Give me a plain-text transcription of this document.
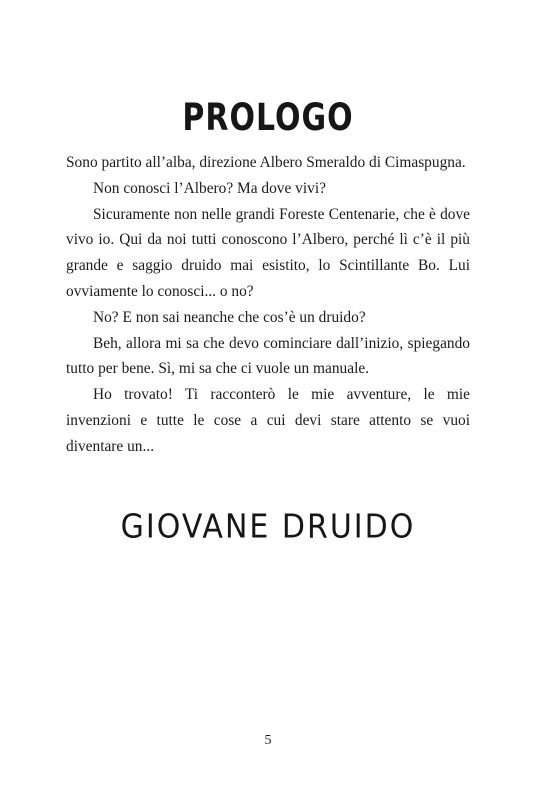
PROLOGO

Sono partito all’alba, direzione Albero Smeraldo di Cimaspugna.

Non conosci l’Albero? Ma dove vivi?

Sicuramente non nelle grandi Foreste Centenarie, che è dove vivo io. Qui da noi tutti conoscono l’Albero, perché lì c’è il più grande e saggio druido mai esistito, lo Scintillante Bo. Lui ovviamente lo conosci... o no?

No? E non sai neanche che cos’è un druido?

Beh, allora mi sa che devo cominciare dall’inizio, spiegando tutto per bene. Sì, mi sa che ci vuole un manuale.

Ho trovato! Ti racconterò le mie avventure, le mie invenzioni e tutte le cose a cui devi stare attento se vuoi diventare un...

GIOVANE DRUIDO
5
